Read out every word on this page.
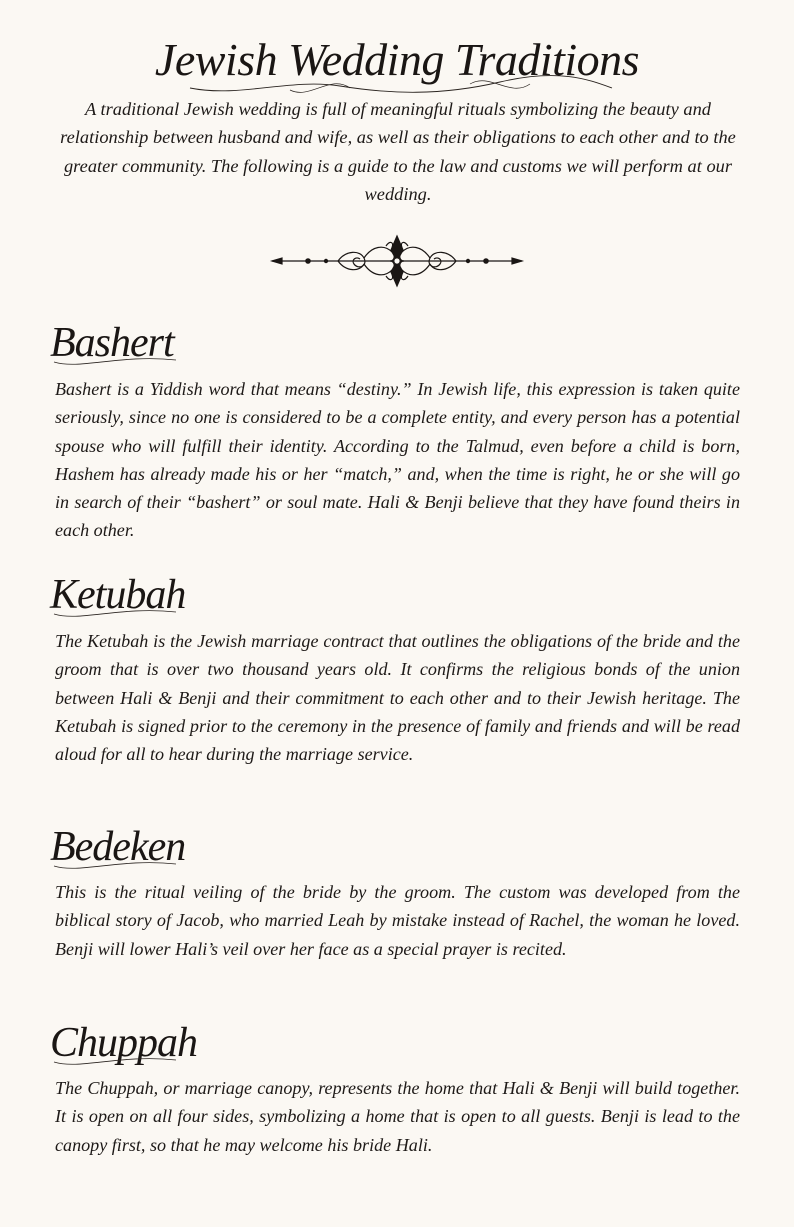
Jewish Wedding Traditions
A traditional Jewish wedding is full of meaningful rituals symbolizing the beauty and relationship between husband and wife, as well as their obligations to each other and to the greater community. The following is a guide to the law and customs we will perform at our wedding.
Bashert
Bashert is a Yiddish word that means “destiny.” In Jewish life, this expression is taken quite seriously, since no one is considered to be a complete entity, and every person has a potential spouse who will fulfill their identity. According to the Talmud, even before a child is born, Hashem has already made his or her “match,” and, when the time is right, he or she will go in search of their “bashert” or soul mate. Hali & Benji believe that they have found theirs in each other.
Ketubah
The Ketubah is the Jewish marriage contract that outlines the obligations of the bride and the groom that is over two thousand years old. It confirms the religious bonds of the union between Hali & Benji and their commitment to each other and to their Jewish heritage. The Ketubah is signed prior to the ceremony in the presence of family and friends and will be read aloud for all to hear during the marriage service.
Bedeken
This is the ritual veiling of the bride by the groom. The custom was developed from the biblical story of Jacob, who married Leah by mistake instead of Rachel, the woman he loved. Benji will lower Hali’s veil over her face as a special prayer is recited.
Chuppah
The Chuppah, or marriage canopy, represents the home that Hali & Benji will build together. It is open on all four sides, symbolizing a home that is open to all guests. Benji is lead to the canopy first, so that he may welcome his bride Hali.
